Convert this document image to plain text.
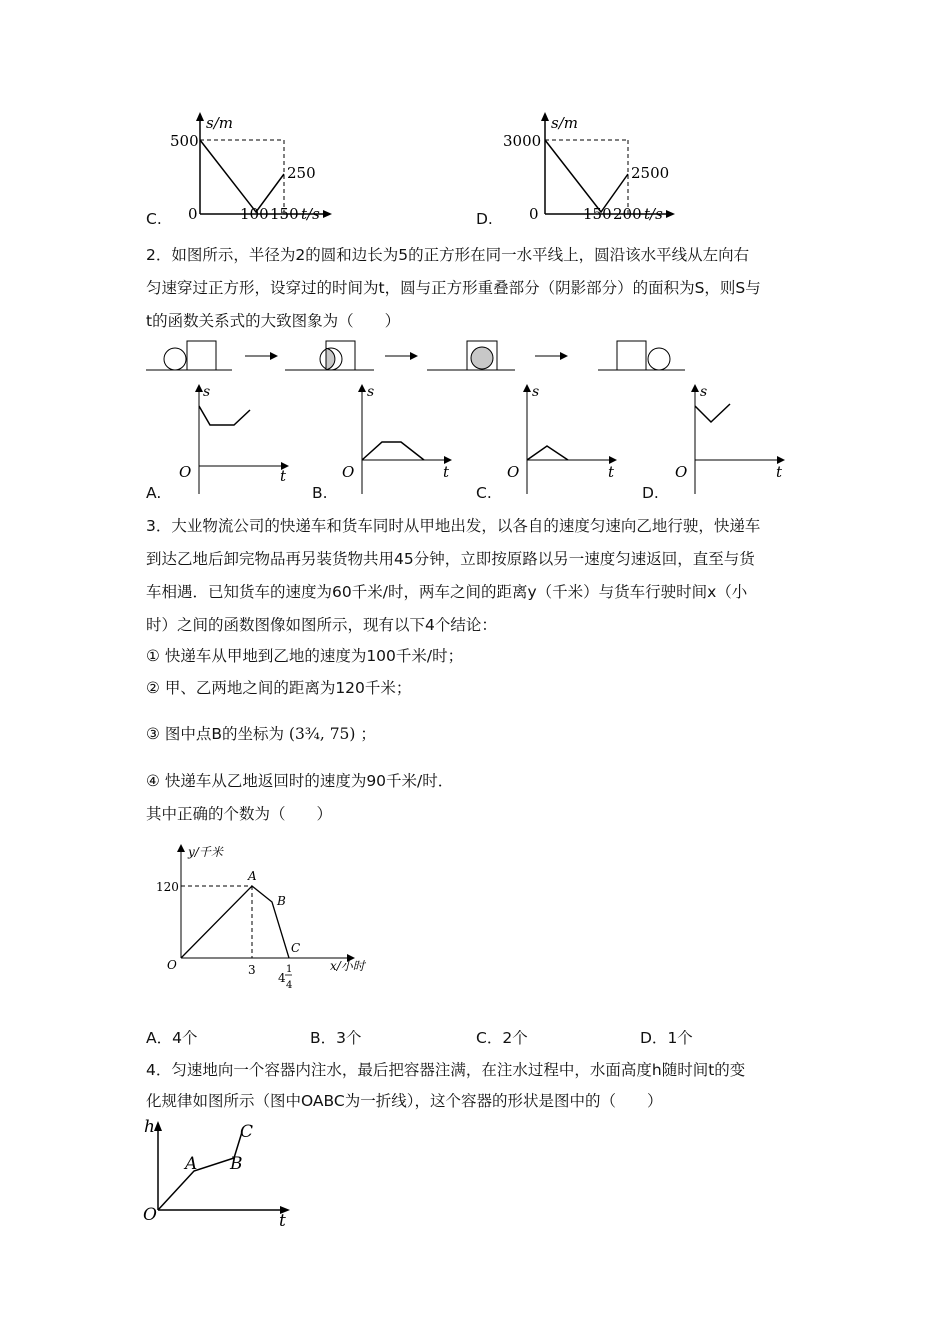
C.
s/m
500
0	100 150 t/s
250
D.
s/m
3000
0	150 200 t/s
2500
2．如图所示，半径为2的圆和边长为5的正方形在同一水平线上，圆沿该水平线从左向右
匀速穿过正方形，设穿过的时间为t，圆与正方形重叠部分（阴影部分）的面积为S，则S与
t的函数关系式的大致图象为（　　）
A.
s
O	t
B.
s
O	t
C.
s
O	t
D.
s
O	t
3．大业物流公司的快递车和货车同时从甲地出发，以各自的速度匀速向乙地行驶，快递车
到达乙地后卸完物品再另装货物共用45分钟，立即按原路以另一速度匀速返回，直至与货
车相遇．已知货车的速度为60千米/时，两车之间的距离y（千米）与货车行驶时间x（小
时）之间的函数图像如图所示，现有以下4个结论：
① 快递车从甲地到乙地的速度为100千米/时；
② 甲、乙两地之间的距离为120千米；
③ 图中点B的坐标为 (3¾, 75) ；
④ 快递车从乙地返回时的速度为90千米/时．
其中正确的个数为（　　）
y/千米
120
O	3
4
1
4
x/小时
A
B
C
A．4个	B．3个	C．2个	D．1个
4．匀速地向一个容器内注水，最后把容器注满，在注水过程中，水面高度h随时间t的变
化规律如图所示（图中OABC为一折线），这个容器的形状是图中的（　　）
h
O	t
A B
C
